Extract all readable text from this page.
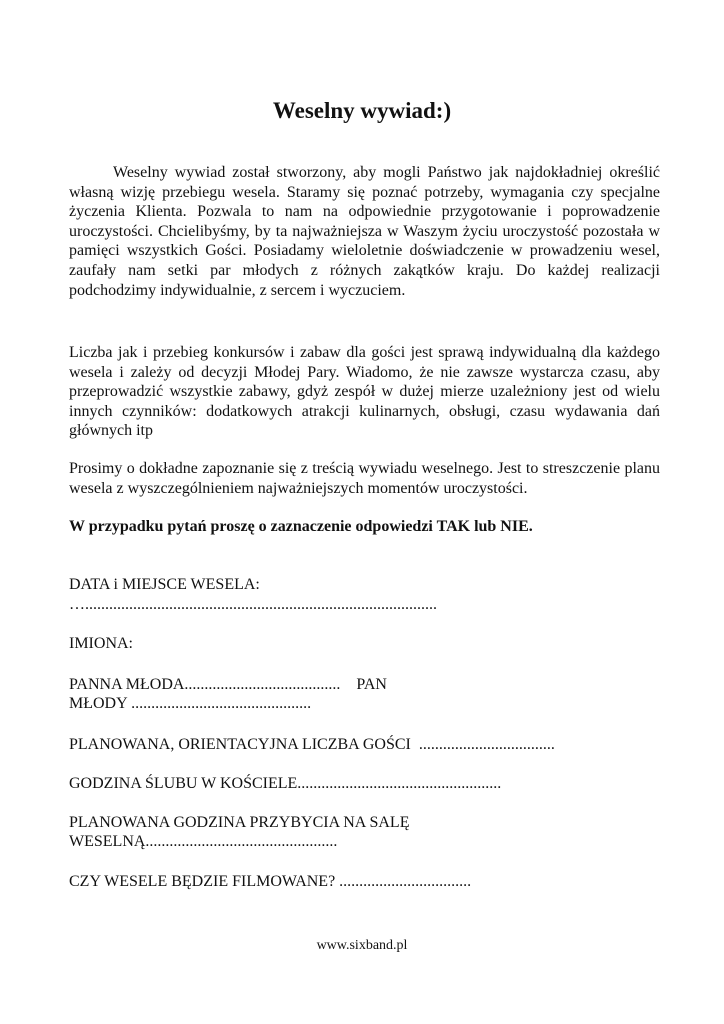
Weselny wywiad:)

Weselny wywiad został stworzony, aby mogli Państwo jak najdokładniej określić własną wizję przebiegu wesela. Staramy się poznać potrzeby, wymagania czy specjalne życzenia Klienta. Pozwala to nam na odpowiednie przygotowanie i poprowadzenie uroczystości. Chcielibyśmy, by ta najważniejsza w Waszym życiu uroczystość pozostała w pamięci wszystkich Gości. Posiadamy wieloletnie doświadczenie w prowadzeniu wesel, zaufały nam setki par młodych z różnych zakątków kraju. Do każdej realizacji podchodzimy indywidualnie, z sercem i wyczuciem.

Liczba jak i przebieg konkursów i zabaw dla gości jest sprawą indywidualną dla każdego wesela i zależy od decyzji Młodej Pary. Wiadomo, że nie zawsze wystarcza czasu, aby przeprowadzić wszystkie zabawy, gdyż zespół w dużej mierze uzależniony jest od wielu innych czynników: dodatkowych atrakcji kulinarnych, obsługi, czasu wydawania dań głównych itp

Prosimy o dokładne zapoznanie się z treścią wywiadu weselnego. Jest to streszczenie planu wesela z wyszczególnieniem najważniejszych momentów uroczystości.

W przypadku pytań proszę o zaznaczenie odpowiedzi TAK lub NIE.

DATA i MIEJSCE WESELA:

…........................................................................................

IMIONA:

PANNA MŁODA.......................................    PAN

MŁODY .............................................

PLANOWANA, ORIENTACYJNA LICZBA GOŚCI  ..................................

GODZINA ŚLUBU W KOŚCIELE...................................................

PLANOWANA GODZINA PRZYBYCIA NA SALĘ

WESELNĄ................................................

CZY WESELE BĘDZIE FILMOWANE? .................................

www.sixband.pl
